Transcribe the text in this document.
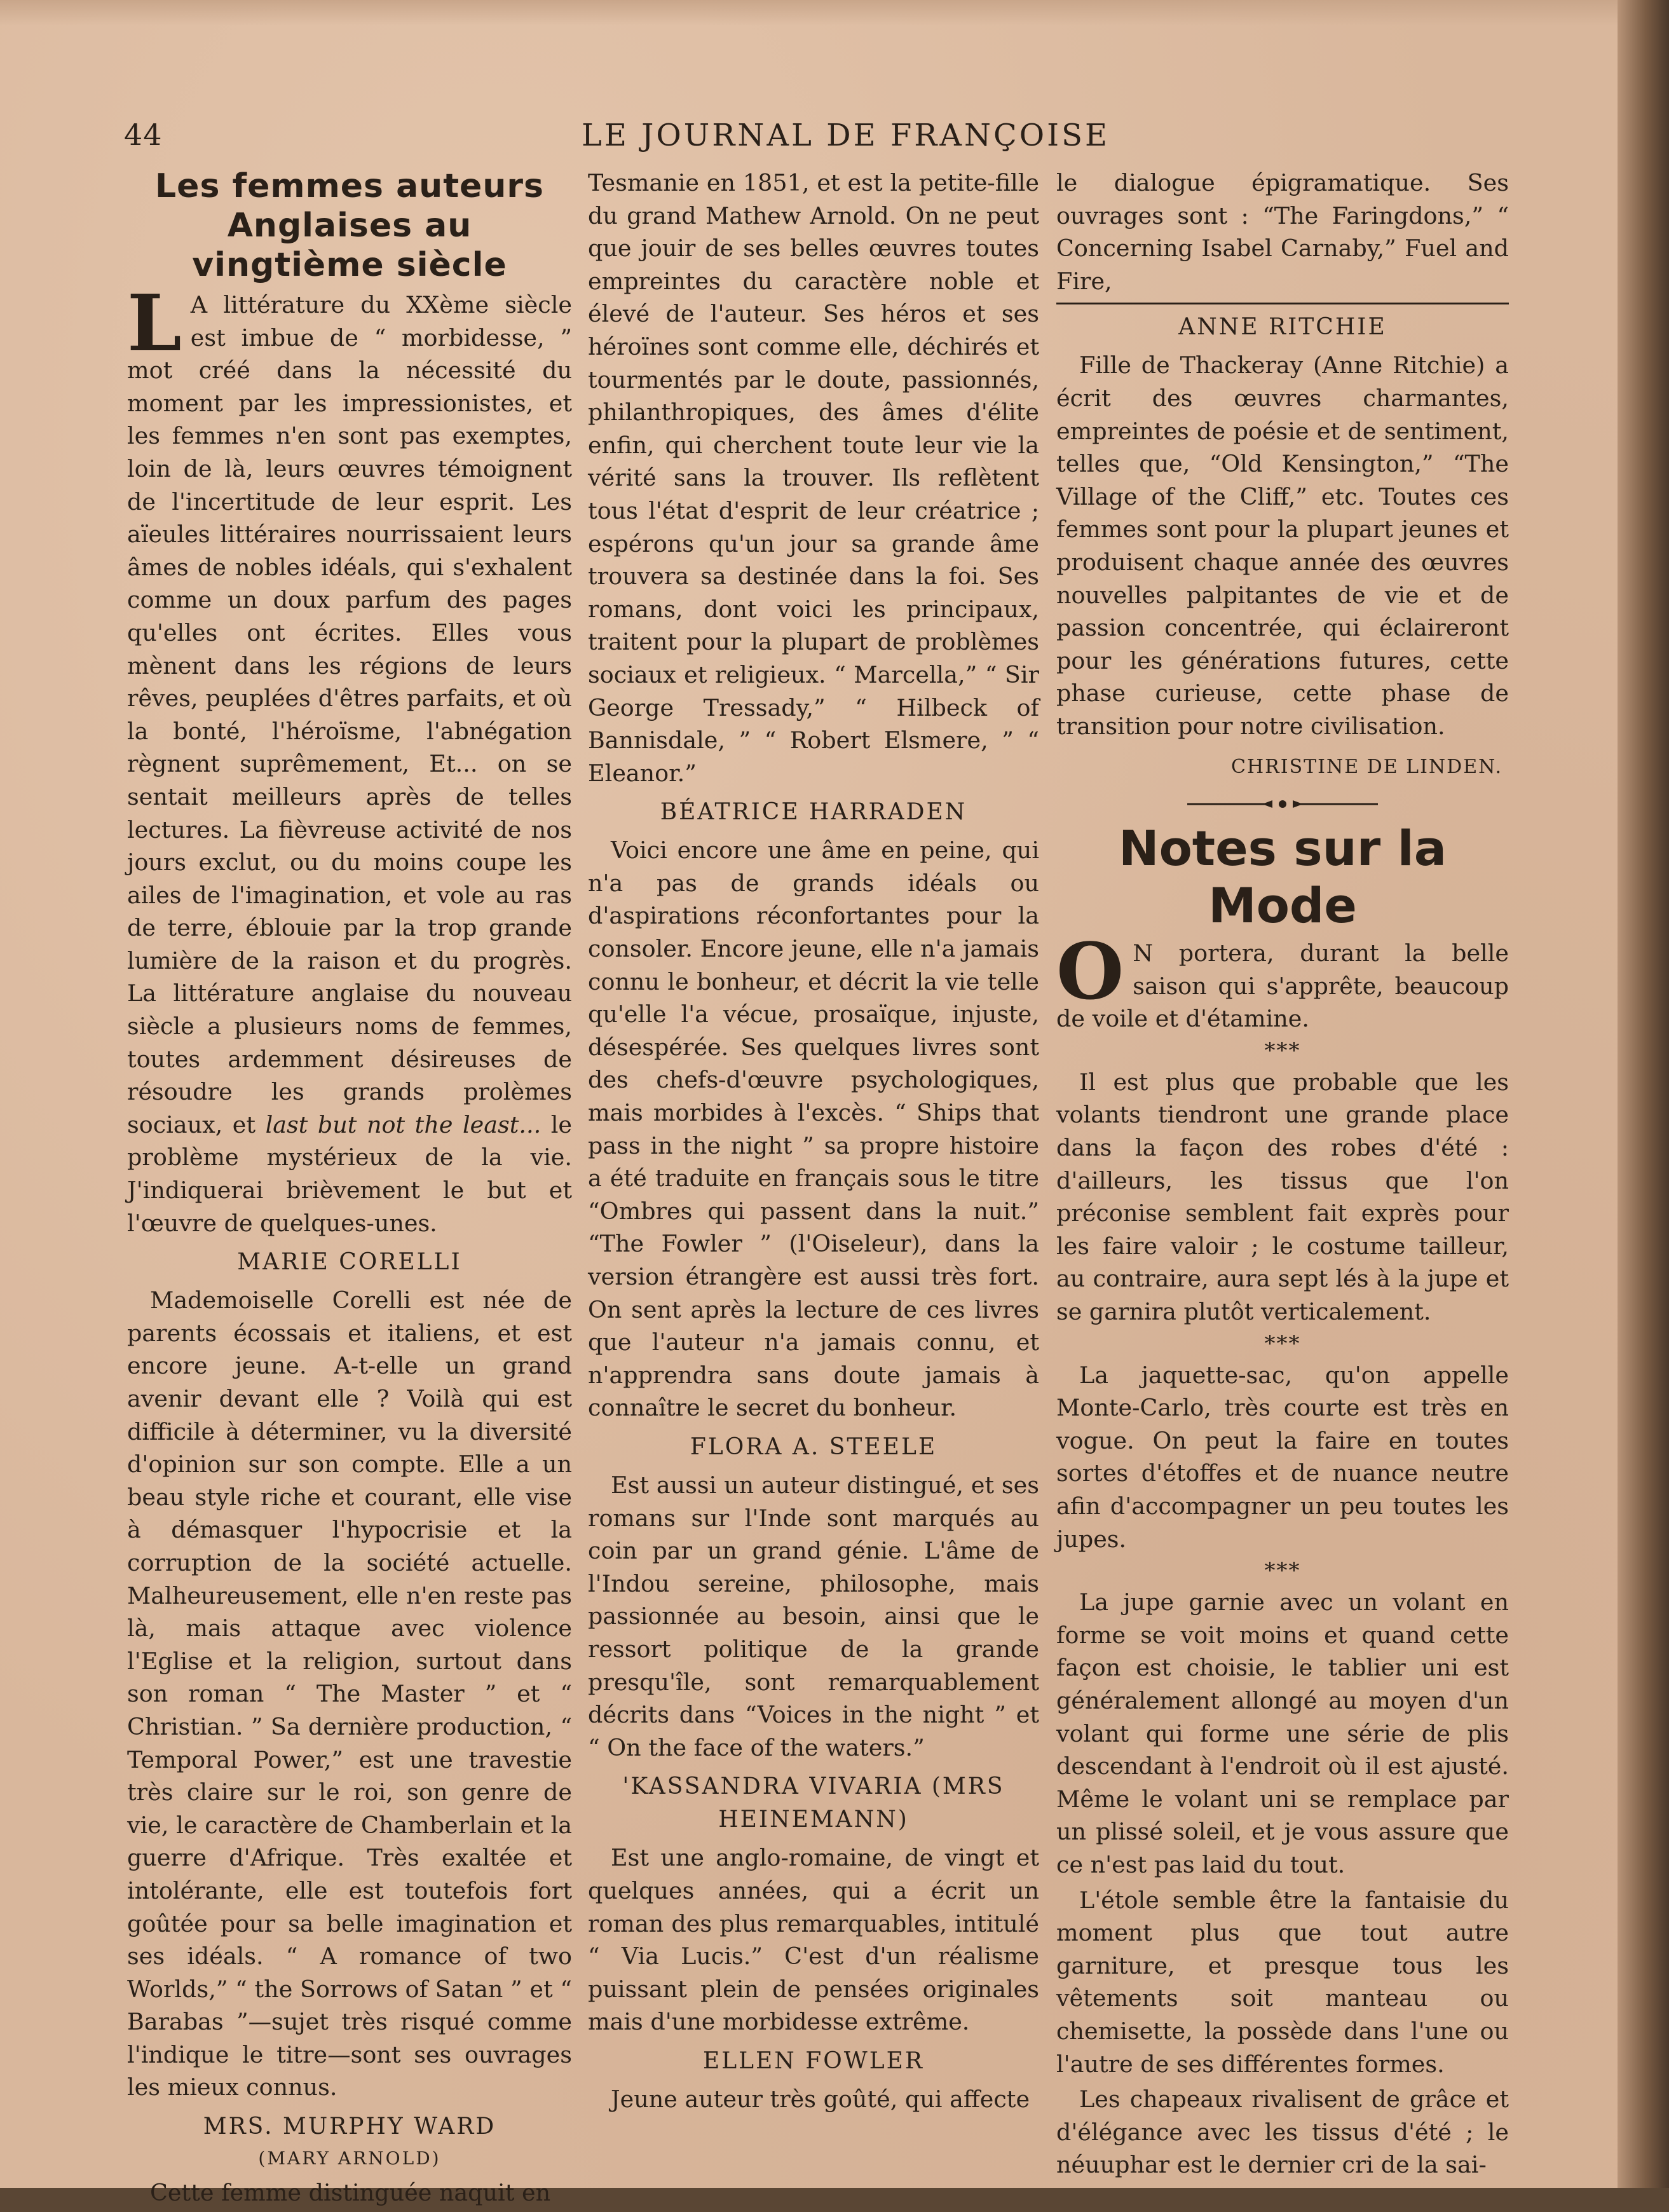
44	LE JOURNAL DE FRANÇOISE
Les femmes auteurs Anglaises au vingtième siècle

L A littérature du XXème siècle est imbue de “ morbidesse, ” mot créé dans la nécessité du moment par les impressionistes, et les femmes n'en sont pas exemptes, loin de là, leurs œuvres témoignent de l'incertitude de leur esprit. Les aïeules littéraires nourrissaient leurs âmes de nobles idéals, qui s'exhalent comme un doux parfum des pages qu'elles ont écrites. Elles vous mènent dans les régions de leurs rêves, peuplées d'êtres parfaits, et où la bonté, l'héroïsme, l'abnégation règnent suprêmement, Et... on se sentait meilleurs après de telles lectures. La fièvreuse activité de nos jours exclut, ou du moins coupe les ailes de l'imagination, et vole au ras de terre, éblouie par la trop grande lumière de la raison et du progrès. La littérature anglaise du nouveau siècle a plusieurs noms de femmes, toutes ardemment désireuses de résoudre les grands prolèmes sociaux, et last but not the least... le problème mystérieux de la vie. J'indiquerai brièvement le but et l'œuvre de quelques-unes.

MARIE CORELLI

Mademoiselle Corelli est née de parents écossais et italiens, et est encore jeune. A-t-elle un grand avenir devant elle ? Voilà qui est difficile à déterminer, vu la diversité d'opinion sur son compte. Elle a un beau style riche et courant, elle vise à démasquer l'hypocrisie et la corruption de la société actuelle. Malheureusement, elle n'en reste pas là, mais attaque avec violence l'Eglise et la religion, surtout dans son roman “ The Master ” et “ Christian. ” Sa dernière production, “ Temporal Power,” est une travestie très claire sur le roi, son genre de vie, le caractère de Chamberlain et la guerre d'Afrique. Très exaltée et intolérante, elle est toutefois fort goûtée pour sa belle imagination et ses idéals. “ A romance of two Worlds,” “ the Sorrows of Satan ” et “ Barabas ”—sujet très risqué comme l'indique le titre—sont ses ouvrages les mieux connus.

MRS. MURPHY WARD
(MARY ARNOLD)

Cette femme distinguée naquit en

Tesmanie en 1851, et est la petite-fille du grand Mathew Arnold. On ne peut que jouir de ses belles œuvres toutes empreintes du caractère noble et élevé de l'auteur. Ses héros et ses héroïnes sont comme elle, déchirés et tourmentés par le doute, passionnés, philanthropiques, des âmes d'élite enfin, qui cherchent toute leur vie la vérité sans la trouver. Ils reflètent tous l'état d'esprit de leur créatrice ; espérons qu'un jour sa grande âme trouvera sa destinée dans la foi. Ses romans, dont voici les principaux, traitent pour la plupart de problèmes sociaux et religieux. “ Marcella,” “ Sir George Tressady,” “ Hilbeck of Bannisdale, ” “ Robert Elsmere, ” “ Eleanor.”

BÉATRICE HARRADEN

Voici encore une âme en peine, qui n'a pas de grands idéals ou d'aspirations réconfortantes pour la consoler. Encore jeune, elle n'a jamais connu le bonheur, et décrit la vie telle qu'elle l'a vécue, prosaïque, injuste, désespérée. Ses quelques livres sont des chefs-d'œuvre psychologiques, mais morbides à l'excès. “ Ships that pass in the night ” sa propre histoire a été traduite en français sous le titre “Ombres qui passent dans la nuit.” “The Fowler ” (l'Oiseleur), dans la version étrangère est aussi très fort. On sent après la lecture de ces livres que l'auteur n'a jamais connu, et n'apprendra sans doute jamais à connaître le secret du bonheur.

FLORA A. STEELE

Est aussi un auteur distingué, et ses romans sur l'Inde sont marqués au coin par un grand génie. L'âme de l'Indou sereine, philosophe, mais passionnée au besoin, ainsi que le ressort politique de la grande presqu'île, sont remarquablement décrits dans “Voices in the night ” et “ On the face of the waters.”

'KASSANDRA VIVARIA (MRS HEINEMANN)

Est une anglo-romaine, de vingt et quelques années, qui a écrit un roman des plus remarquables, intitulé “ Via Lucis.” C'est d'un réalisme puissant plein de pensées originales mais d'une morbidesse extrême.

ELLEN FOWLER

Jeune auteur très goûté, qui affecte

le dialogue épigramatique. Ses ouvrages sont : “The Faringdons,” “ Concerning Isabel Carnaby,” Fuel and Fire,

ANNE RITCHIE

Fille de Thackeray (Anne Ritchie) a écrit des œuvres charmantes, empreintes de poésie et de sentiment, telles que, “Old Kensington,” “The Village of the Cliff,” etc. Toutes ces femmes sont pour la plupart jeunes et produisent chaque année des œuvres nouvelles palpitantes de vie et de passion concentrée, qui éclaireront pour les générations futures, cette phase curieuse, cette phase de transition pour notre civilisation.

CHRISTINE DE LINDEN.
Notes sur la Mode

O N portera, durant la belle saison qui s'apprête, beaucoup de voile et d'étamine.

***

Il est plus que probable que les volants tiendront une grande place dans la façon des robes d'été : d'ailleurs, les tissus que l'on préconise semblent fait exprès pour les faire valoir ; le costume tailleur, au contraire, aura sept lés à la jupe et se garnira plutôt verticalement.

***

La jaquette-sac, qu'on appelle Monte-Carlo, très courte est très en vogue. On peut la faire en toutes sortes d'étoffes et de nuance neutre afin d'accompagner un peu toutes les jupes.

***

La jupe garnie avec un volant en forme se voit moins et quand cette façon est choisie, le tablier uni est généralement allongé au moyen d'un volant qui forme une série de plis descendant à l'endroit où il est ajusté. Même le volant uni se remplace par un plissé soleil, et je vous assure que ce n'est pas laid du tout.

L'étole semble être la fantaisie du moment plus que tout autre garniture, et presque tous les vêtements soit manteau ou chemisette, la possède dans l'une ou l'autre de ses différentes formes.

Les chapeaux rivalisent de grâce et d'élégance avec les tissus d'été ; le néuuphar est le dernier cri de la sai-
